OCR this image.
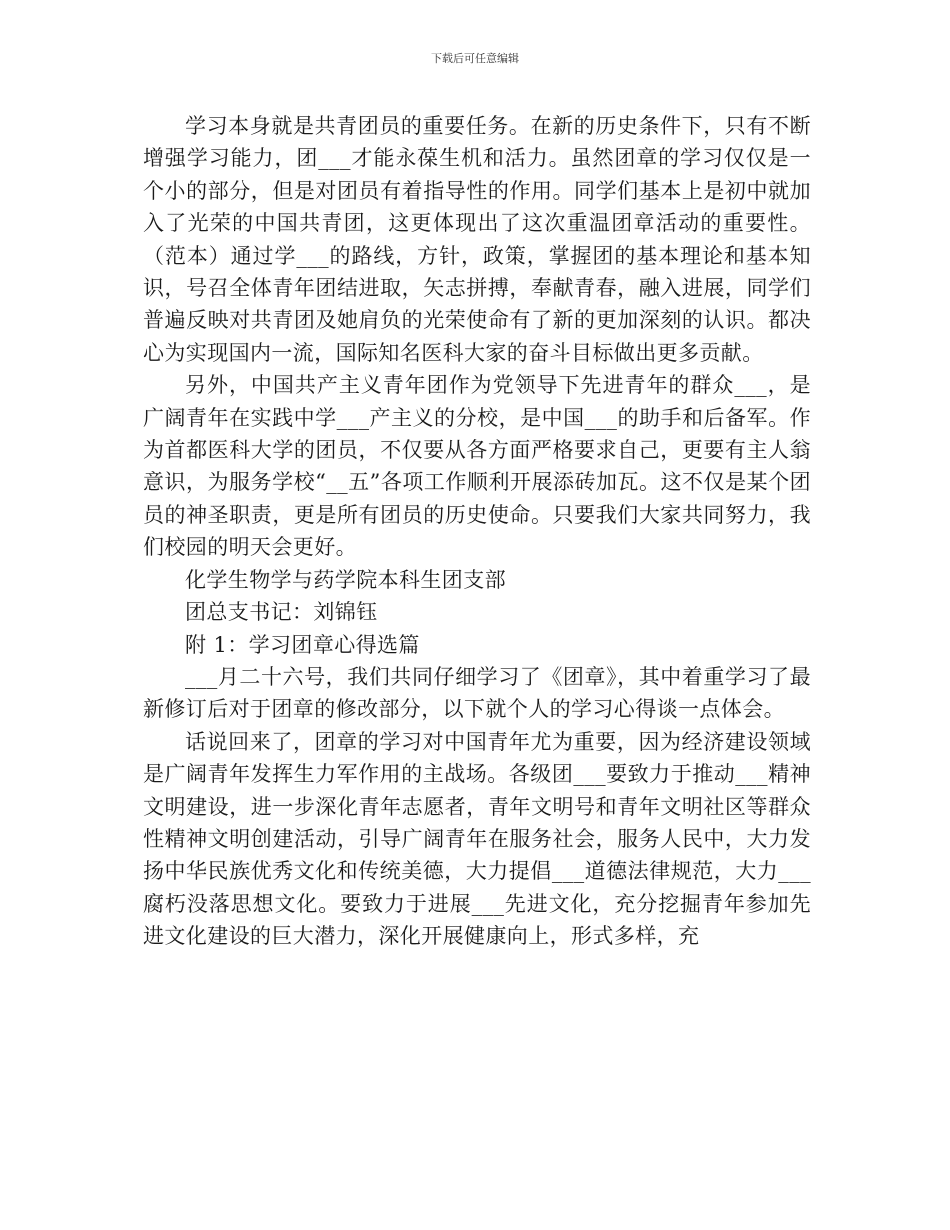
下载后可任意编辑

学习本身就是共青团员的重要任务。在新的历史条件下，只有不断增强学习能力，团___才能永葆生机和活力。虽然团章的学习仅仅是一个小的部分，但是对团员有着指导性的作用。同学们基本上是初中就加入了光荣的中国共青团，这更体现出了这次重温团章活动的重要性。（范本）通过学___的路线，方针，政策，掌握团的基本理论和基本知识，号召全体青年团结进取，矢志拼搏，奉献青春，融入进展，同学们普遍反映对共青团及她肩负的光荣使命有了新的更加深刻的认识。都决心为实现国内一流，国际知名医科大家的奋斗目标做出更多贡献。

另外，中国共产主义青年团作为党领导下先进青年的群众___，是广阔青年在实践中学___产主义的分校，是中国___的助手和后备军。作为首都医科大学的团员，不仅要从各方面严格要求自己，更要有主人翁意识，为服务学校“__五”各项工作顺利开展添砖加瓦。这不仅是某个团员的神圣职责，更是所有团员的历史使命。只要我们大家共同努力，我们校园的明天会更好。

化学生物学与药学院本科生团支部

团总支书记：刘锦钰

附 1：学习团章心得选篇

___月二十六号，我们共同仔细学习了《团章》，其中着重学习了最新修订后对于团章的修改部分，以下就个人的学习心得谈一点体会。

话说回来了，团章的学习对中国青年尤为重要，因为经济建设领域是广阔青年发挥生力军作用的主战场。各级团___要致力于推动___精神文明建设，进一步深化青年志愿者，青年文明号和青年文明社区等群众性精神文明创建活动，引导广阔青年在服务社会，服务人民中，大力发扬中华民族优秀文化和传统美德，大力提倡___道德法律规范，大力___腐朽没落思想文化。要致力于进展___先进文化，充分挖掘青年参加先进文化建设的巨大潜力，深化开展健康向上，形式多样，充
